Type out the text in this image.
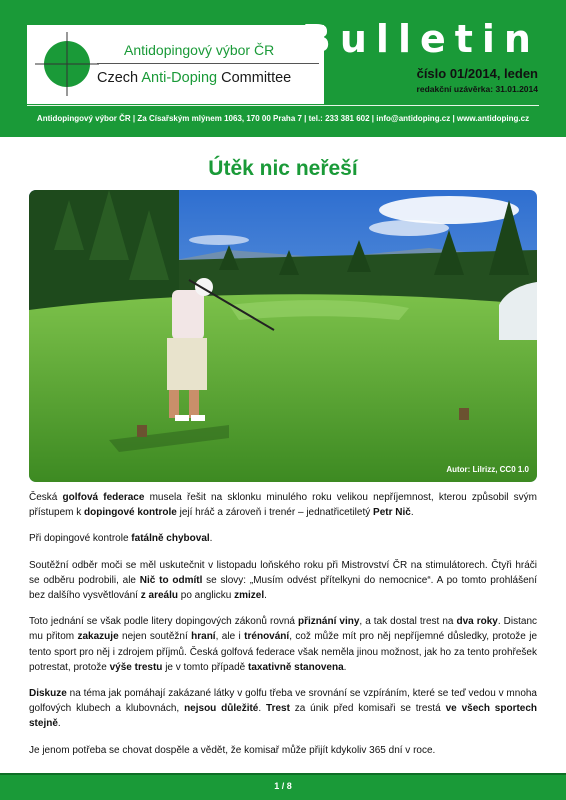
Antidopingový výbor ČR
Czech Anti-Doping Committee
Bulletin
číslo 01/2014, leden
redakční uzávěrka: 31.01.2014
Antidopingový výbor ČR | Za Císařským mlýnem 1063, 170 00 Praha 7 | tel.: 233 381 602 | info@antidoping.cz | www.antidoping.cz
Útěk nic neřeší
Autor: Lilrizz, CC0 1.0

Česká golfová federace musela řešit na sklonku minulého roku velikou nepříjemnost, kterou způsobil svým přístupem k dopingové kontrole její hráč a zároveň i trenér – jednatřicetiletý Petr Nič.

Při dopingové kontrole fatálně chyboval.

Soutěžní odběr moči se měl uskutečnit v listopadu loňského roku při Mistrovství ČR na stimulátorech. Čtyři hráči se odběru podrobili, ale Nič to odmítl se slovy: „Musím odvést přítelkyni do nemocnice“. A po tomto prohlášení bez dalšího vysvětlování z areálu po anglicku zmizel.

Toto jednání se však podle litery dopingových zákonů rovná přiznání viny, a tak dostal trest na dva roky. Distanc mu přitom zakazuje nejen soutěžní hraní, ale i trénování, což může mít pro něj nepříjemné důsledky, protože je tento sport pro něj i zdrojem příjmů. Česká golfová federace však neměla jinou možnost, jak ho za tento prohřešek potrestat, protože výše trestu je v tomto případě taxativně stanovena.

Diskuze na téma jak pomáhají zakázané látky v golfu třeba ve srovnání se vzpíráním, které se teď vedou v mnoha golfových klubech a klubovnách, nejsou důležité. Trest za únik před komisaři se trestá ve všech sportech stejně.

Je jenom potřeba se chovat dospěle a vědět, že komisař může přijít kdykoliv 365 dní v roce.

1 / 8
